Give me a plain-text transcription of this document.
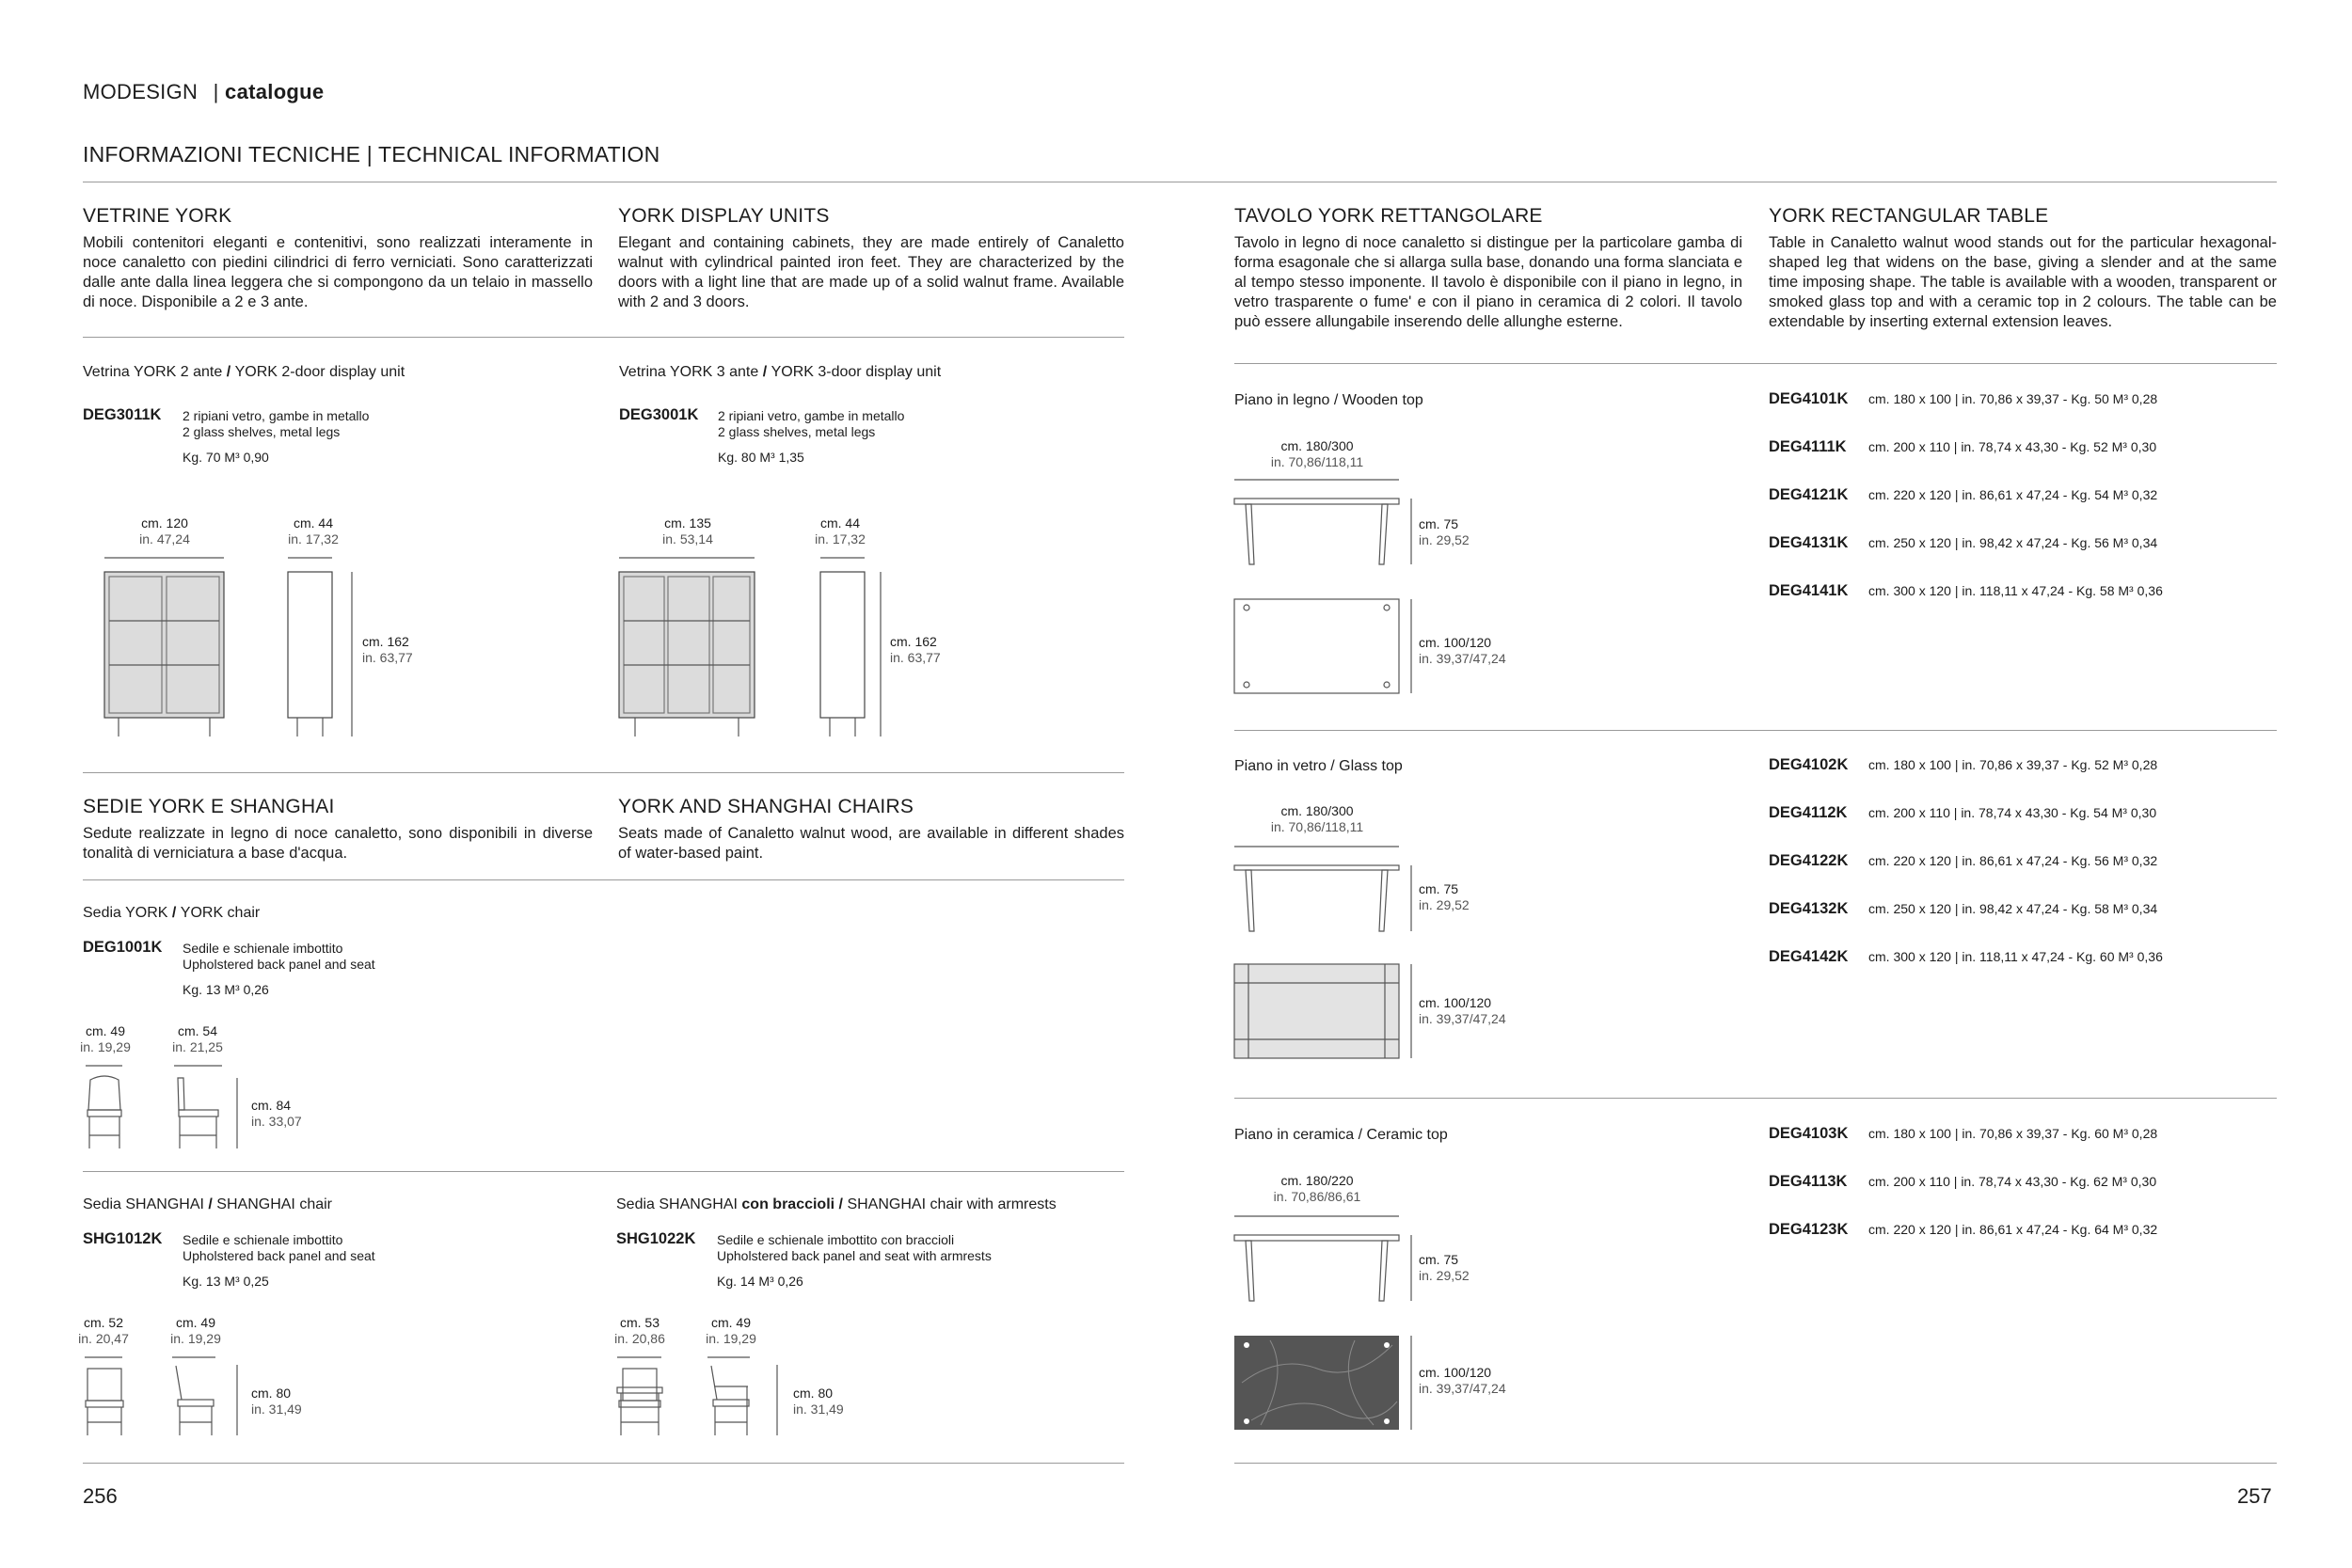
MODESIGN | catalogue
INFORMAZIONI TECNICHE | TECHNICAL INFORMATION
VETRINE YORK
Mobili contenitori eleganti e contenitivi, sono realizzati interamente in noce canaletto con piedini cilindrici di ferro verniciati. Sono caratterizzati dalle ante dalla linea leggera che si compongono da un telaio in massello di noce. Disponibile a 2 e 3 ante.
YORK DISPLAY UNITS
Elegant and containing cabinets, they are made entirely of Canaletto walnut with cylindrical painted iron feet. They are characterized by the doors with a light line that are made up of a solid walnut frame. Available with 2 and 3 doors.
Vetrina YORK 2 ante / YORK 2-door display unit
DEG3011K 2 ripiani vetro, gambe in metallo
2 glass shelves, metal legs
Kg. 70 M³ 0,90
cm. 120
in. 47,24
cm. 44
in. 17,32
cm. 162
in. 63,77
Vetrina YORK 3 ante / YORK 3-door display unit
DEG3001K 2 ripiani vetro, gambe in metallo
2 glass shelves, metal legs
Kg. 80 M³ 1,35
cm. 135
in. 53,14
cm. 44
in. 17,32
cm. 162
in. 63,77
SEDIE YORK E SHANGHAI
Sedute realizzate in legno di noce canaletto, sono disponibili in diverse tonalità di verniciatura a base d'acqua.
YORK AND SHANGHAI CHAIRS
Seats made of Canaletto walnut wood, are available in different shades of water-based paint.
Sedia YORK / YORK chair
DEG1001K Sedile e schienale imbottito
Upholstered back panel and seat
Kg. 13 M³ 0,26
cm. 49
in. 19,29
cm. 54
in. 21,25
cm. 84
in. 33,07
Sedia SHANGHAI / SHANGHAI chair
SHG1012K Sedile e schienale imbottito
Upholstered back panel and seat
Kg. 13 M³ 0,25
cm. 52
in. 20,47
cm. 49
in. 19,29
cm. 80
in. 31,49
Sedia SHANGHAI con braccioli / SHANGHAI chair with armrests
SHG1022K Sedile e schienale imbottito con braccioli
Upholstered back panel and seat with armrests
Kg. 14 M³ 0,26
cm. 53
in. 20,86
cm. 49
in. 19,29
cm. 80
in. 31,49
256
TAVOLO YORK RETTANGOLARE
Tavolo in legno di noce canaletto si distingue per la particolare gamba di forma esagonale che si allarga sulla base, donando una forma slanciata e al tempo stesso imponente. Il tavolo è disponibile con il piano in legno, in vetro trasparente o fume' e con il piano in ceramica di 2 colori. Il tavolo può essere allungabile inserendo delle allunghe esterne.
YORK RECTANGULAR TABLE
Table in Canaletto walnut wood stands out for the particular hexagonal-shaped leg that widens on the base, giving a slender and at the same time imposing shape. The table is available with a wooden, transparent or smoked glass top and with a ceramic top in 2 colours. The table can be extendable by inserting external extension leaves.
Piano in legno / Wooden top
cm. 180/300
in. 70,86/118,11
cm. 75
in. 29,52
cm. 100/120
in. 39,37/47,24
DEG4101K cm. 180 x 100 | in. 70,86 x 39,37 - Kg. 50 M³ 0,28
DEG4111K cm. 200 x 110 | in. 78,74 x 43,30 - Kg. 52 M³ 0,30
DEG4121K cm. 220 x 120 | in. 86,61 x 47,24 - Kg. 54 M³ 0,32
DEG4131K cm. 250 x 120 | in. 98,42 x 47,24 - Kg. 56 M³ 0,34
DEG4141K cm. 300 x 120 | in. 118,11 x 47,24 - Kg. 58 M³ 0,36
Piano in vetro / Glass top
cm. 180/300
in. 70,86/118,11
cm. 75
in. 29,52
cm. 100/120
in. 39,37/47,24
DEG4102K cm. 180 x 100 | in. 70,86 x 39,37 - Kg. 52 M³ 0,28
DEG4112K cm. 200 x 110 | in. 78,74 x 43,30 - Kg. 54 M³ 0,30
DEG4122K cm. 220 x 120 | in. 86,61 x 47,24 - Kg. 56 M³ 0,32
DEG4132K cm. 250 x 120 | in. 98,42 x 47,24 - Kg. 58 M³ 0,34
DEG4142K cm. 300 x 120 | in. 118,11 x 47,24 - Kg. 60 M³ 0,36
Piano in ceramica / Ceramic top
cm. 180/220
in. 70,86/86,61
cm. 75
in. 29,52
cm. 100/120
in. 39,37/47,24
DEG4103K cm. 180 x 100 | in. 70,86 x 39,37 - Kg. 60 M³ 0,28
DEG4113K cm. 200 x 110 | in. 78,74 x 43,30 - Kg. 62 M³ 0,30
DEG4123K cm. 220 x 120 | in. 86,61 x 47,24 - Kg. 64 M³ 0,32
257
